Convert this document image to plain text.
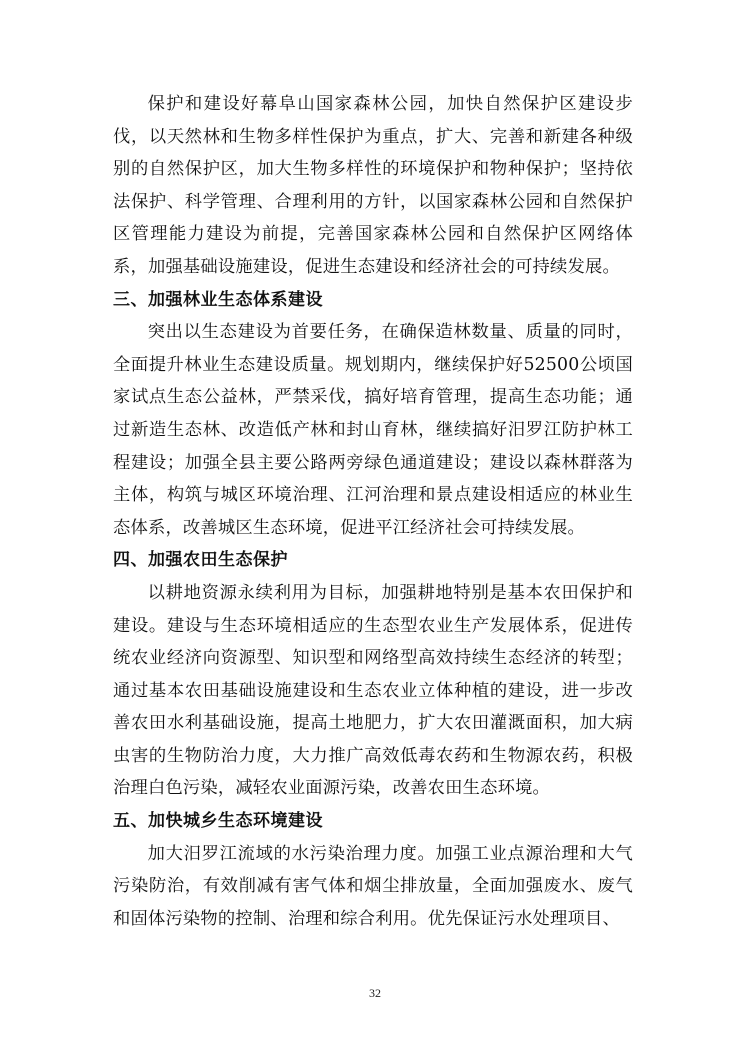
保护和建设好幕阜山国家森林公园，加快自然保护区建设步伐，以天然林和生物多样性保护为重点，扩大、完善和新建各种级别的自然保护区，加大生物多样性的环境保护和物种保护；坚持依法保护、科学管理、合理利用的方针，以国家森林公园和自然保护区管理能力建设为前提，完善国家森林公园和自然保护区网络体系，加强基础设施建设，促进生态建设和经济社会的可持续发展。

三、加强林业生态体系建设

突出以生态建设为首要任务，在确保造林数量、质量的同时，全面提升林业生态建设质量。规划期内，继续保护好52500公顷国家试点生态公益林，严禁采伐，搞好培育管理，提高生态功能；通过新造生态林、改造低产林和封山育林，继续搞好汨罗江防护林工程建设；加强全县主要公路两旁绿色通道建设；建设以森林群落为主体，构筑与城区环境治理、江河治理和景点建设相适应的林业生态体系，改善城区生态环境，促进平江经济社会可持续发展。

四、加强农田生态保护

以耕地资源永续利用为目标，加强耕地特别是基本农田保护和建设。建设与生态环境相适应的生态型农业生产发展体系，促进传统农业经济向资源型、知识型和网络型高效持续生态经济的转型；通过基本农田基础设施建设和生态农业立体种植的建设，进一步改善农田水利基础设施，提高土地肥力，扩大农田灌溉面积，加大病虫害的生物防治力度，大力推广高效低毒农药和生物源农药，积极治理白色污染，减轻农业面源污染，改善农田生态环境。

五、加快城乡生态环境建设

加大汨罗江流域的水污染治理力度。加强工业点源治理和大气污染防治，有效削减有害气体和烟尘排放量，全面加强废水、废气和固体污染物的控制、治理和综合利用。优先保证污水处理项目、

32
